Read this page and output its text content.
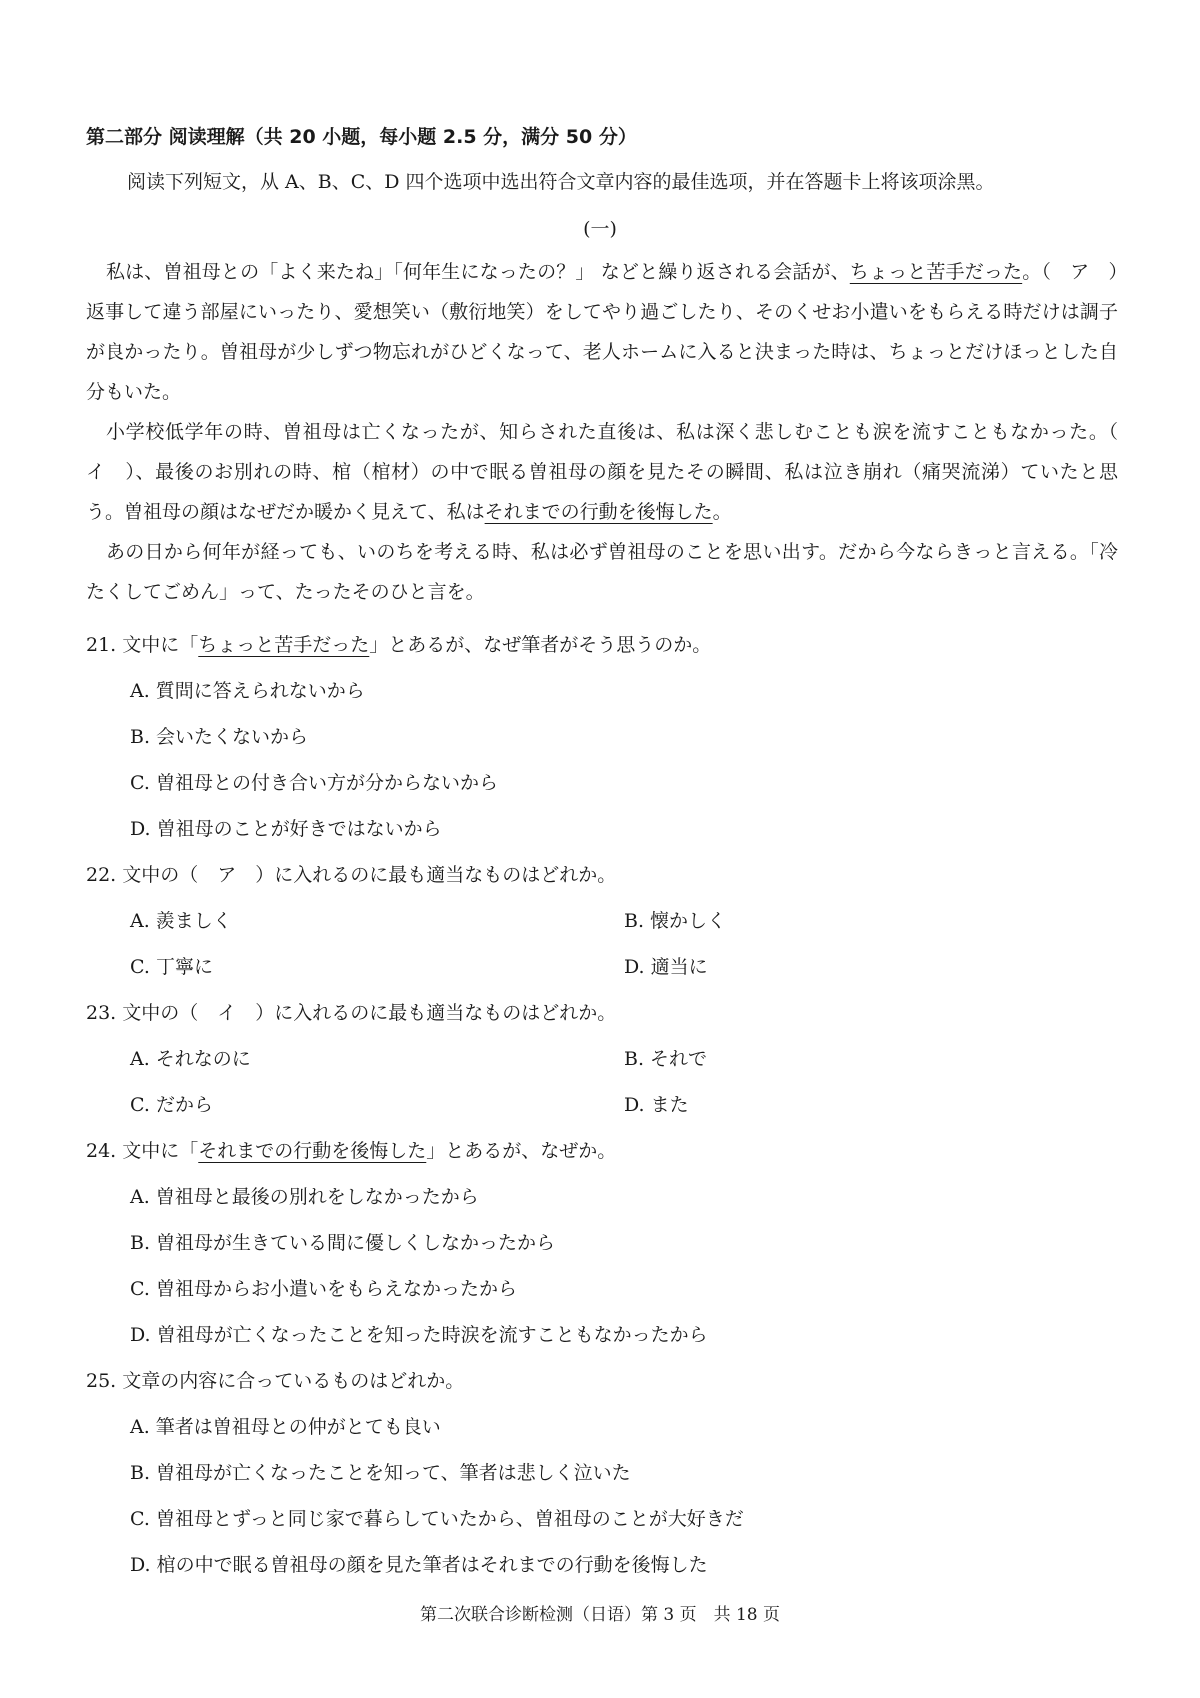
第二部分 阅读理解（共 20 小题，每小题 2.5 分，满分 50 分）
阅读下列短文，从 A、B、C、D 四个选项中选出符合文章内容的最佳选项，并在答题卡上将该项涂黑。
(一)

私は、曽祖母との「よく来たね」「何年生になったの？」 などと繰り返される会話が、ちょっと苦手だった。（　ア　）返事して違う部屋にいったり、愛想笑い（敷衍地笑）をしてやり過ごしたり、そのくせお小遣いをもらえる時だけは調子が良かったり。曽祖母が少しずつ物忘れがひどくなって、老人ホームに入ると決まった時は、ちょっとだけほっとした自分もいた。

小学校低学年の時、曽祖母は亡くなったが、知らされた直後は、私は深く悲しむことも涙を流すこともなかった。（　イ　）、最後のお別れの時、棺（棺材）の中で眠る曽祖母の顔を見たその瞬間、私は泣き崩れ（痛哭流涕）ていたと思う。曽祖母の顔はなぜだか暖かく見えて、私はそれまでの行動を後悔した。

あの日から何年が経っても、いのちを考える時、私は必ず曽祖母のことを思い出す。だから今ならきっと言える。「冷たくしてごめん」って、たったそのひと言を。

21. 文中に「ちょっと苦手だった」とあるが、なぜ筆者がそう思うのか。
A. 質問に答えられないから
B. 会いたくないから
C. 曽祖母との付き合い方が分からないから
D. 曽祖母のことが好きではないから
22. 文中の（　ア　）に入れるのに最も適当なものはどれか。
A. 羨ましく	B. 懐かしく
C. 丁寧に	D. 適当に
23. 文中の（　イ　）に入れるのに最も適当なものはどれか。
A. それなのに	B. それで
C. だから	D. また
24. 文中に「それまでの行動を後悔した」とあるが、なぜか。
A. 曽祖母と最後の別れをしなかったから
B. 曽祖母が生きている間に優しくしなかったから
C. 曽祖母からお小遣いをもらえなかったから
D. 曽祖母が亡くなったことを知った時涙を流すこともなかったから
25. 文章の内容に合っているものはどれか。
A. 筆者は曽祖母との仲がとても良い
B. 曽祖母が亡くなったことを知って、筆者は悲しく泣いた
C. 曽祖母とずっと同じ家で暮らしていたから、曽祖母のことが大好きだ
D. 棺の中で眠る曽祖母の顔を見た筆者はそれまでの行動を後悔した
第二次联合诊断检测（日语）第 3 页　共 18 页
